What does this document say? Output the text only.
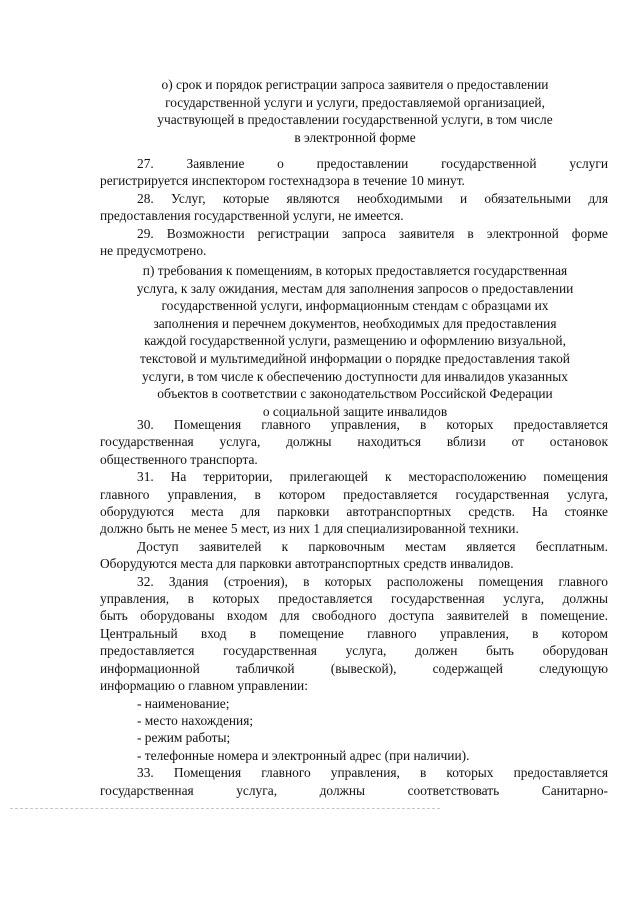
о) срок и порядок регистрации запроса заявителя о предоставлении
государственной услуги и услуги, предоставляемой организацией,
участвующей в предоставлении государственной услуги, в том числе
в электронной форме
27. Заявление о предоставлении государственной услуги
регистрируется инспектором гостехнадзора в течение 10 минут.
28. Услуг, которые являются необходимыми и обязательными для
предоставления государственной услуги, не имеется.
29. Возможности регистрации запроса заявителя в электронной форме
не предусмотрено.
п) требования к помещениям, в которых предоставляется государственная
услуга, к залу ожидания, местам для заполнения запросов о предоставлении
государственной услуги, информационным стендам с образцами их
заполнения и перечнем документов, необходимых для предоставления
каждой государственной услуги, размещению и оформлению визуальной,
текстовой и мультимедийной информации о порядке предоставления такой
услуги, в том числе к обеспечению доступности для инвалидов указанных
объектов в соответствии с законодательством Российской Федерации
о социальной защите инвалидов
30. Помещения главного управления, в которых предоставляется
государственная услуга, должны находиться вблизи от остановок
общественного транспорта.
31. На территории, прилегающей к месторасположению помещения
главного управления, в котором предоставляется государственная услуга,
оборудуются места для парковки автотранспортных средств. На стоянке
должно быть не менее 5 мест, из них 1 для специализированной техники.
Доступ заявителей к парковочным местам является бесплатным.
Оборудуются места для парковки автотранспортных средств инвалидов.
32. Здания (строения), в которых расположены помещения главного
управления, в которых предоставляется государственная услуга, должны
быть оборудованы входом для свободного доступа заявителей в помещение.
Центральный вход в помещение главного управления, в котором
предоставляется государственная услуга, должен быть оборудован
информационной табличкой (вывеской), содержащей следующую
информацию о главном управлении:
- наименование;
- место нахождения;
- режим работы;
- телефонные номера и электронный адрес (при наличии).
33. Помещения главного управления, в которых предоставляется
государственная услуга, должны соответствовать Санитарно-
